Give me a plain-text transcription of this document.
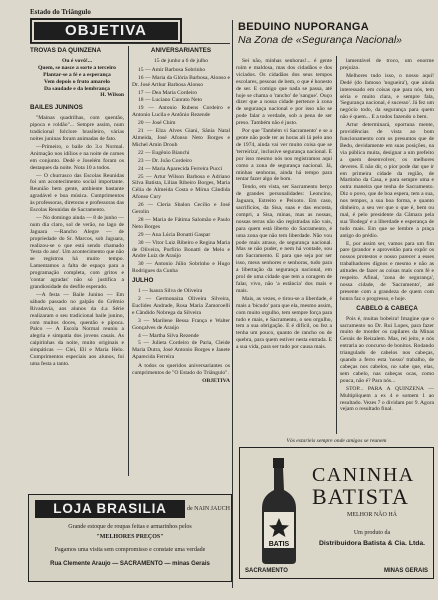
Estado do Triângulo
OBJETIVA	BEDUINO NUPORANGA
Na Zona de «Segurança Nacional»
TROVAS DA QUINZENA
Ou é vovô!...
Quem, se nasce a sorte a terceiro
Plantar-se a fé e a esperança
Vem depois o fruto amarelo
Da saudade e da lembrança
H. Wilson
BAILES JUNINOS
"Mainas quadrilhas, com quentão, pipoca e roldão"... Sempre assim, num tradicional folclore brasileiro, várias noites juninas foram animadas de fato.
—Primeiro, o baile do 3.o Normal. Animação nos idílios e na noite de carnes em conjunto. Dedé e Joselém foram os destaques da noite. Nota 10 a todos.
— O churrasco das Escolas Reunidas foi um acontecimento social importante. Reunião bem gente, ambiente bastante agradável e boa música. Cumprimentos às professoras, diretoras e professoras das Escolas Reunidas de Sacramento.
— No domingo ainda — 8 de junho — num dia claro, sol de verão, no lago de Jaguara —Rancho Alegre — de propriedade do Sr. Marcos, sob Jaguara, realizou-se o que está sendo chamado 'festa do ano'. Um acontecimento que não se registrou há muito tempo. Lamentamos a falta de espaço para a programação completa, com gritos e 'contar agradas' não só justifica a grandiosidade do desfile esperado.
—A festa — Baile Junino — Em sábado passado no galpão do Grêmio Rivadavia, aos alunos da 4.a Série realizaram o seu tradicional baile junino, com muitos doces, quentão e pipoca. Palco — A Escola Normal reuniu a alegria e simpatia dos jovens casais. As caipirinhas da noite, muito originais e simpáticas — Clei, Eli e Maria Helo. Cumprimentos especiais aos alunos, foi uma festa a tanto.
ANIVERSARIANTES
15 de junho a 6 de julho
15 — Amir Barbosa Sobrinho
16 — Maria da Glória Barbosa, Alonso e Dr. José Arthur Barbosa Alonso
17 — Dea Maria Cordeiro
18 — Luciano Cunrato Neto
19 — Antonio Rubens Cordeiro e Antonio Lucila e Antônio Rezende
20 — José Chim
21 — Elza Alves Giani, Sânia Natal Almeida, José Afonso Neto Borges e Michel Amin Droub
22 — Eugênio Bianchi
23 — Dr. João Cordeiro
24 — Maria Aparecida Ferreira Pucci
25 — Artur Wilson Barbosa e Adriano Silva Batista, Lilian Ribeiro Borges, Maria Célia de Almeida Costa e Mírna Cândida Afonso Cury
26 — Cleria Sbalon Cecílio e José Gerolin
28 — Maria de Fátima Salomão e Paulo Neto Borges
29 — Ana Lúcia Bonatti Gaspar
30 — Vitor Luiz Ribeiro e Regina Maria de Oliveira, Porfírio Bonatti de Melo e Andre Luiz de Araújo
30 — Antonio Júlio Sobrinho e Hugo Rodrigues da Cunha
JULHO
1 — Isaura Silva de Oliveira
2 — Germonaiza Oliveira Silveira, Euclides Andrade, Rosa Maria Zamoroelli e Cândido Nobrega da Silveira
3 — Marilene Bessa França e Walter Gonçalves de Araújo
4 — Martha Silva Rezende
5 — Julieta Cordeiro de Paria, Cleide Maria Dutra, José Antonio Borges e Janete Aparecida Ferreira
A todos os queridos aniversariantes os cumprimentos de "O Estado do Triângulo".
OBJETIVA
Sei não, minhas senhoras!... é gente ruim e maldosa, mas dos cidadãos e dos viciados. Os cidadãos dos seus tempos escolares, pessoas de bem, o que é honesto de ser. E comigo que nada se passa, até hoje se chama o 'rancho' de 'sangue'. Ouço dizer que a nossa cidade pertence à zona de segurança nacional e por isso não se pode falar a verdade, sob a pena de ser preso. Também não é justo.
Por que 'Também vi Sacramento' e se a gente não pode ter as horas ali lá pelo ano de 1974, ainda vai ver muito coisa que se 'terreiriza', inclusive segurança nacional. E por isso mesmo nós nos registramos aqui como a zona de segurança nacional. Já, minhas senhoras, ainda há tempo para tentar fazer algo de bom.
Tendo, em vista, ser Sacramento berço de grandes personalidades: Leoncino, Jaguara, Estreito e Peixoto. Em caso, sacrifícios, da Sisa, suas e das encosta, compri, a Sisa, minas, mas as nossas, nossas terras não são registradas não vais, para quem está liberto do Sacramento, é uma zona que não tem liberdade. Não vou pode mais atraso, de segurança nacional. Mas se não puder, e nem há vontade, sou um Sacramento. E para que seja por ser isso, meus senhores e senhoras, tudo para a libertação da segurança nacional, em prol de uma cidade que tem a coragem de falar, vivo, não 'a estância' dos mais e mais.
Mais, as vezes, e tirou-se a liberdade, é mais a 'bicudo' para que ela, mesmo assim, com muito orgulho, tem sempre força para tudo e mais, e Sacramento, o seu orgulho, tem a sua obrigação. E é difícil, ou fez a tenha um pouco, quanto de rancho ou de quebra, para quem estiver nesta entrada. E a sua vida, para ser tudo por causa mais.
lamentável de troco, um enorme prejuízo.
Melhores tudo isso, o nosso aqui! Dedé (do famoso 'nogueira'), que ainda interessado em coisas que para nós, tem séria e muito clara, e sempre fala, 'Segurança nacional, é sucesso'. Já fez um negócio todo, da segurança para quem não é quem... E a todos fazendo o bem.
Artur determinará, oportuna mente, providências de vista ao bom funcionamento com os presuntos que de Bedu, devidamente em suas posições, na via pública muita, designar a um prefeito a quem desenvolver, os melhores deveres. E não dir, o pior pode dar que ir em primeira cidade da região, de Martinho da Casa, e para sempre uma e outra maneira que tenha de Sacramento. Diz o povo, que de boa espera, tem a sua, nos tempos, a sua boa forma, e quanto dinheiro, a seu ver que o que é, bem ou mal, é pelo presidente da Câmara pela sua 'Bodega' e a liberdade e esperança de tudo mais. Em que se lembre a praça antigo do prédio.
E, por assim ser, vamos para um fim pare (prandor e aproveitão para expôr os nossos protestos e nosso parecer a esses trabalhadores dignos e mesmo e não as atitudes de fazer as coisas mais com fé e respeito. Afinal, 'zona de segurança', nossa cidade, de 'Sacramento', até presente com a grandeza de quem com honra faz o progresso, e hoje.
CABELO & CABEÇA
Pois é, muitas bobeira! Imagine que o sacramento no Dr. Rui Lopes, para fazer muito de morder os capilares da Minas Gerais de Reizalem. Mas, rei jeito, e nós entraria ao concurso de bonitos. Rodando triangulado de cabelos nos cabeças, quando a ferro esta 'nosso' trabalho, de cabeças nos cabelos, no sabe que, elas, sem cabelo, nas cabeças ocas, como pouca, não é? Para nós...
STOP... PARA A QUINZENA — Multipliquem a ex 4 e somem 1 ao resultado. Vezes 7 o dividam por 9. Agora vejam o resultado final.
LOJA BRASILIA	de NAIN JAUCH
Grande estoque de roupas feitas e armarinhos pelos
"MELHORES PREÇOS"
Pagamos uma visita sem compromisso e constate uma verdade
Rua Clemente Araujo — SACRAMENTO — minas Gerais
Vós estaríeis sempre onde amigos se reunem
BATIS
CANINHA
BATISTA
MELHOR NÃO HÁ
Um produto da
Distribuidora Batista & Cia. Ltda.
SACRAMENTO	MINAS GERAIS
